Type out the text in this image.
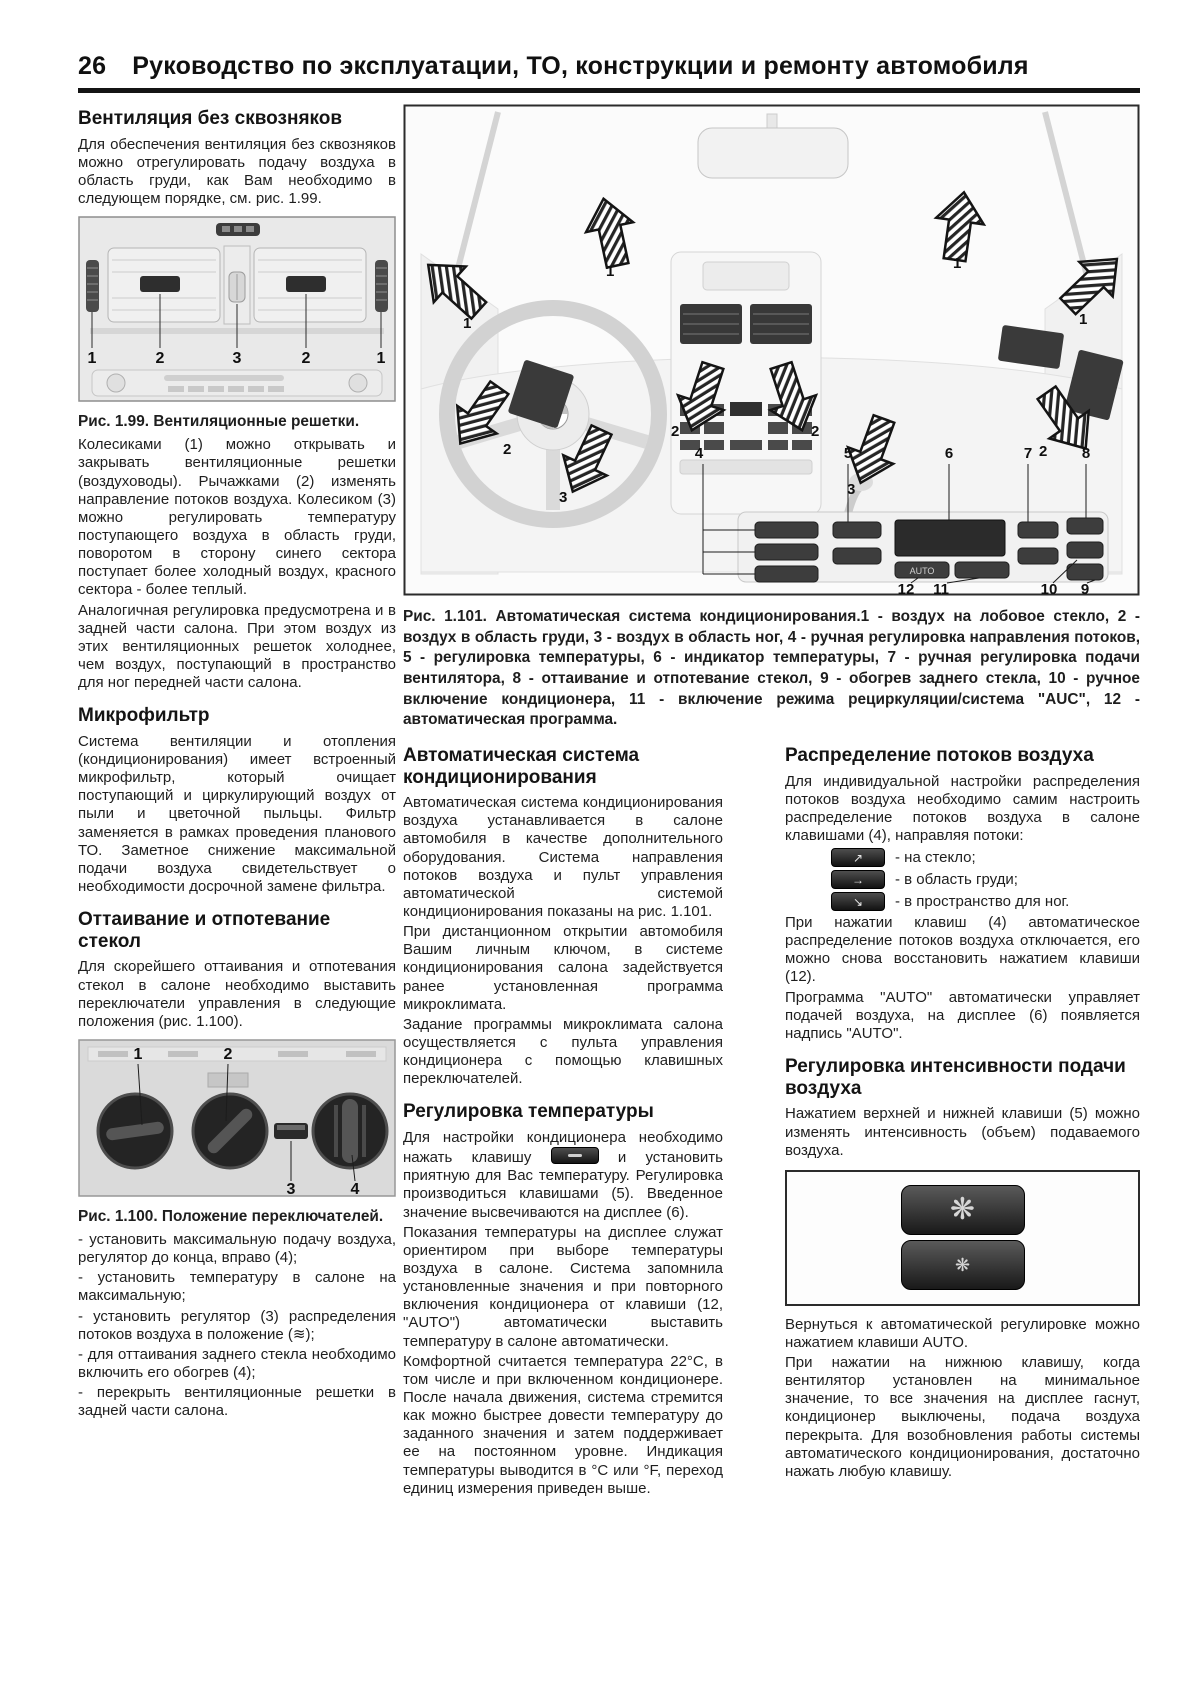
26 Руководство по эксплуатации, ТО, конструкции и ремонту автомобиля
Вентиляция без сквозняков

Для обеспечения вентиляция без сквозняков можно отрегулировать подачу воздуха в область груди, как Вам необходимо в следующем порядке, см. рис. 1.99.

1	2	3	2	1
Рис. 1.99. Вентиляционные решетки.

Колесиками (1) можно открывать и закрывать вентиляционные решетки (воздуховоды). Рычажками (2) изменять направление потоков воздуха. Колесиком (3) можно регулировать температуру поступающего воздуха в область груди, поворотом в сторону синего сектора поступает более холодный воздух, красного сектора - более теплый.

Аналогичная регулировка предусмотрена и в задней части салона. При этом воздух из этих вентиляционных решеток холоднее, чем воздух, поступающий в пространство для ног передней части салона.

Микрофильтр

Система вентиляции и отопления (кондиционирования) имеет встроенный микрофильтр, который очищает поступающий и циркулирующий воздух от пыли и цветочной пыльцы. Фильтр заменяется в рамках проведения планового ТО. Заметное снижение максимальной подачи воздуха свидетельствует о необходимости досрочной замене фильтра.

Оттаивание и отпотевание стекол

Для скорейшего оттаивания и отпотевания стекол в салоне необходимо выставить переключатели управления в следующие положения (рис. 1.100).

1	2
3	4
Рис. 1.100. Положение переключателей.
- установить максимальную подачу воздуха, регулятор до конца, вправо (4);
- установить температуру в салоне на максимальную;
- установить регулятор (3) распределения потоков воздуха в положение (≋);
- для оттаивания заднего стекла необходимо включить его обогрев (4);
- перекрыть вентиляционные решетки в задней части салона.
1	1
1	1
2	2
2	2
3	3
AUTO
4	5	6	7	8
12 11	10 9
Рис. 1.101. Автоматическая система кондиционирования.1 - воздух на лобовое стекло, 2 - воздух в область груди, 3 - воздух в область ног, 4 - ручная регулировка направления потоков, 5 - регулировка температуры, 6 - индикатор температуры, 7 - ручная регулировка подачи вентилятора, 8 - оттаивание и отпотевание стекол, 9 - обогрев заднего стекла, 10 - ручное включение кондиционера, 11 - включение режима рециркуляции/система "AUC", 12 - автоматическая программа.
Автоматическая система кондиционирования

Автоматическая система кондиционирования воздуха устанавливается в салоне автомобиля в качестве дополнительного оборудования. Система направления потоков воздуха и пульт управления автоматической системой кондиционирования показаны на рис. 1.101.

При дистанционном открытии автомобиля Вашим личным ключом, в системе кондиционирования салона задействуется ранее установленная программа микроклимата.

Задание программы микроклимата салона осуществляется с пульта управления кондиционера с помощью клавишных переключателей.

Регулировка температуры

Для настройки кондиционера необходимо нажать клавишу	и установить приятную для Вас температуру. Регулировка производиться клавишами (5). Введенное значение высвечиваются на дисплее (6).

Показания температуры на дисплее служат ориентиром при выборе температуры воздуха в салоне. Система запомнила установленные значения и при повторного включения кондиционера от клавиши (12, "AUTO") автоматически выставить температуру в салоне автоматически.

Комфортной считается температура 22°C, в том числе и при включенном кондиционере. После начала движения, система стремится как можно быстрее довести температуру до заданного значения и затем поддерживает ее на постоянном уровне. Индикация температуры выводится в °C или °F, переход единиц измерения приведен выше.

Распределение потоков воздуха

Для индивидуальной настройки распределения потоков воздуха необходимо самим настроить распределение потоков воздуха в салоне клавишами (4), направляя потоки:

↗ - на стекло;
→ - в область груди;
↘ - в пространство для ног.

При нажатии клавиш (4) автоматическое распределение потоков воздуха отключается, его можно снова восстановить нажатием клавиши (12).

Программа "AUTO" автоматически управляет подачей воздуха, на дисплее (6) появляется надпись "AUTO".

Регулировка интенсивности подачи воздуха

Нажатием верхней и нижней клавиши (5) можно изменять интенсивность (объем) подаваемого воздуха.

❋
❋

Вернуться к автоматической регулировке можно нажатием клавиши AUTO.

При нажатии на нижнюю клавишу, когда вентилятор установлен на минимальное значение, то все значения на дисплее гаснут, кондиционер выключены, подача воздуха перекрыта. Для возобновления работы системы автоматического кондиционирования, достаточно нажать любую клавишу.
